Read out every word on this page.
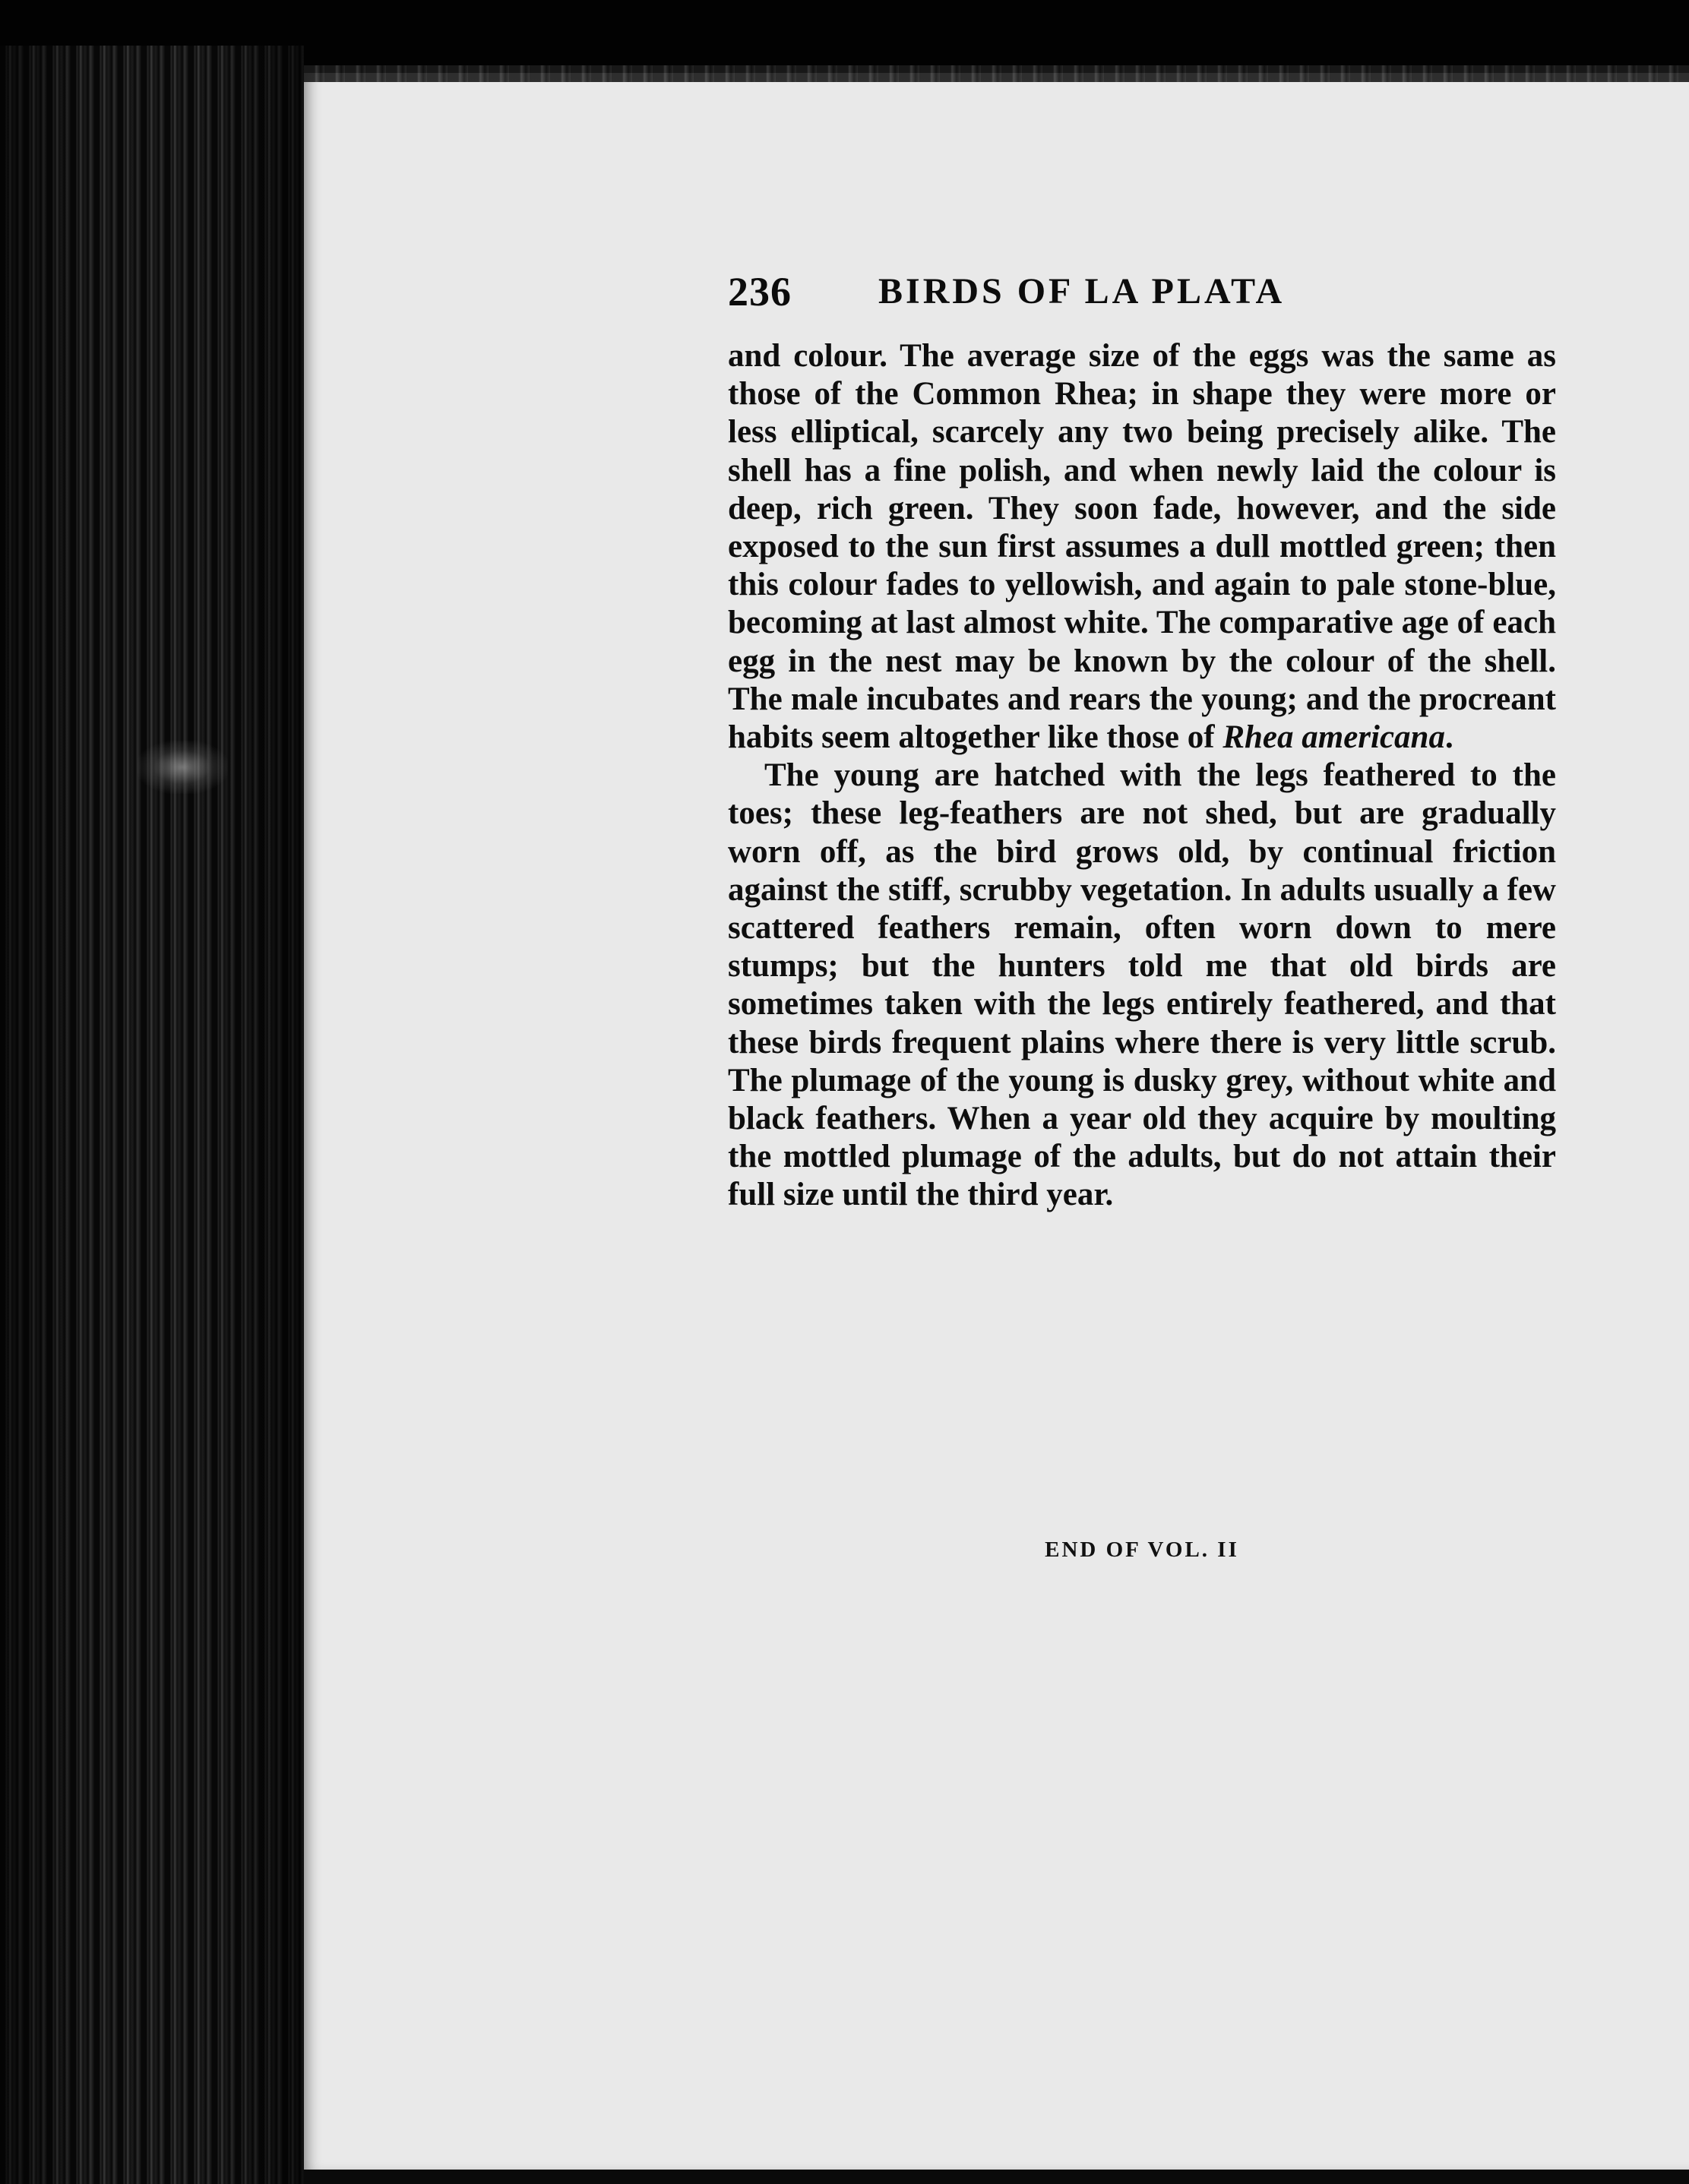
236 BIRDS OF LA PLATA

and colour. The average size of the eggs was the same as those of the Common Rhea; in shape they were more or less elliptical, scarcely any two being precisely alike. The shell has a fine polish, and when newly laid the colour is deep, rich green. They soon fade, however, and the side exposed to the sun first assumes a dull mottled green; then this colour fades to yellowish, and again to pale stone-blue, becoming at last almost white. The comparative age of each egg in the nest may be known by the colour of the shell. The male incubates and rears the young; and the procreant habits seem altogether like those of Rhea americana.

The young are hatched with the legs feathered to the toes; these leg-feathers are not shed, but are gradually worn off, as the bird grows old, by continual friction against the stiff, scrubby vegetation. In adults usually a few scattered feathers remain, often worn down to mere stumps; but the hunters told me that old birds are sometimes taken with the legs entirely feathered, and that these birds frequent plains where there is very little scrub. The plumage of the young is dusky grey, without white and black feathers. When a year old they acquire by moulting the mottled plumage of the adults, but do not attain their full size until the third year.

END OF VOL. II
